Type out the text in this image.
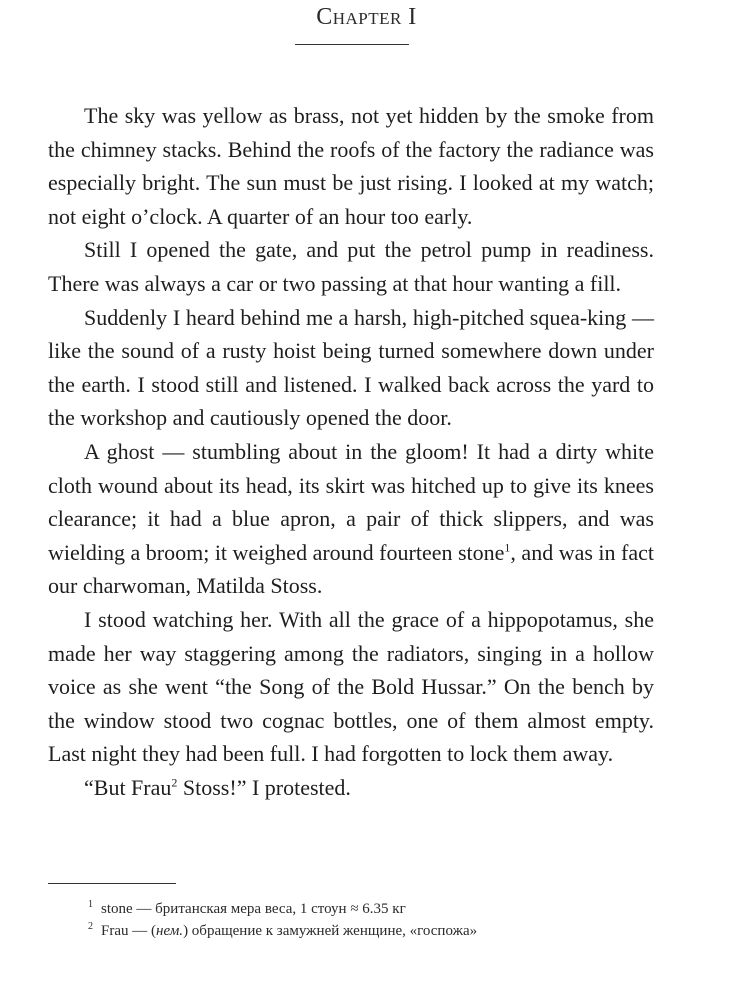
Chapter I

The sky was yellow as brass, not yet hidden by the smoke from the chimney stacks. Behind the roofs of the factory the radiance was especially bright. The sun must be just rising. I looked at my watch; not eight o’clock. A quarter of an hour too early.

Still I opened the gate, and put the petrol pump in readiness. There was always a car or two passing at that hour wanting a fill.

Suddenly I heard behind me a harsh, high-pitched squea-king — like the sound of a rusty hoist being turned somewhere down under the earth. I stood still and listened. I walked back across the yard to the workshop and cautiously opened the door.

A ghost — stumbling about in the gloom! It had a dirty white cloth wound about its head, its skirt was hitched up to give its knees clearance; it had a blue apron, a pair of thick slippers, and was wielding a broom; it weighed around fourteen stone$^1$, and was in fact our charwoman, Matilda Stoss.

I stood watching her. With all the grace of a hippopotamus, she made her way staggering among the radiators, singing in a hollow voice as she went “the Song of the Bold Hussar.” On the bench by the window stood two cognac bottles, one of them almost empty. Last night they had been full. I had forgotten to lock them away.

“But Frau$^2$ Stoss!” I protested.

$^1$ stone — британская мера веса, 1 стоун ≈ 6.35 кг
$^2$ Frau — (нем.) обращение к замужней женщине, «госпожа»
